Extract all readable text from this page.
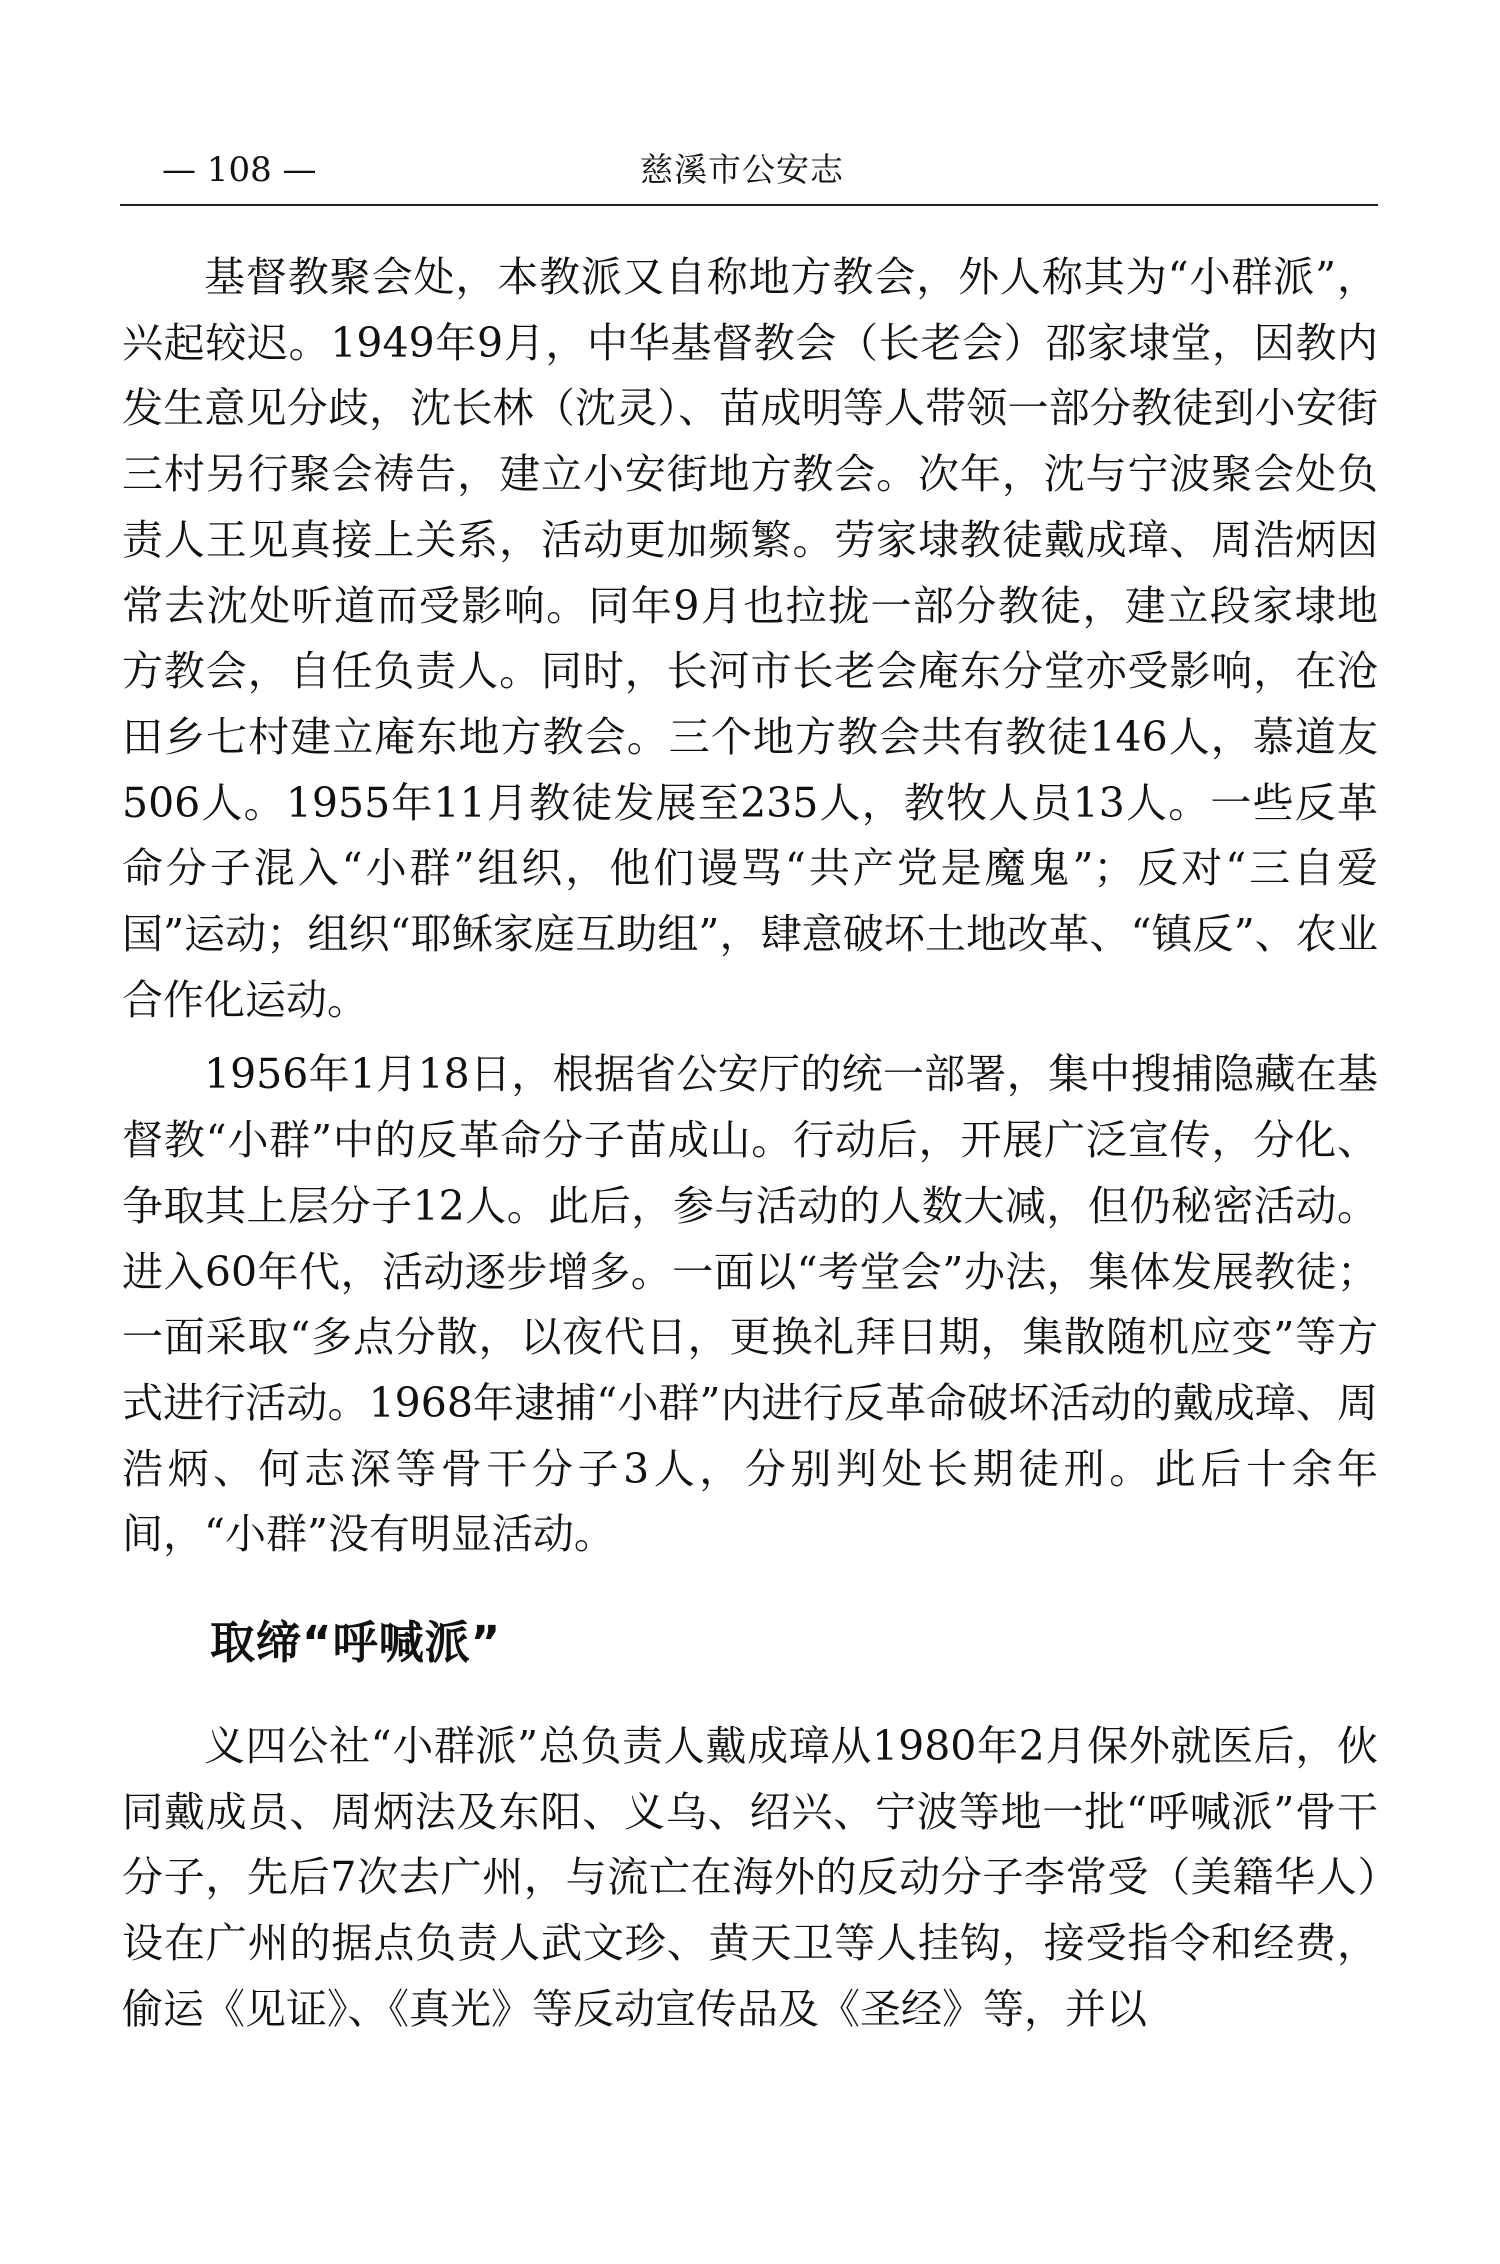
— 108 —	慈溪市公安志

基督教聚会处，本教派又自称地方教会，外人称其为“小群派”，兴起较迟。1949年9月，中华基督教会（长老会）邵家埭堂，因教内发生意见分歧，沈长林（沈灵）、苗成明等人带领一部分教徒到小安街三村另行聚会祷告，建立小安街地方教会。次年，沈与宁波聚会处负责人王见真接上关系，活动更加频繁。劳家埭教徒戴成璋、周浩炳因常去沈处听道而受影响。同年9月也拉拢一部分教徒，建立段家埭地方教会，自任负责人。同时，长河市长老会庵东分堂亦受影响，在沧田乡七村建立庵东地方教会。三个地方教会共有教徒146人，慕道友506人。1955年11月教徒发展至235人，教牧人员13人。一些反革命分子混入“小群”组织，他们谩骂“共产党是魔鬼”；反对“三自爱国”运动；组织“耶稣家庭互助组”，肆意破坏土地改革、“镇反”、农业合作化运动。

1956年1月18日，根据省公安厅的统一部署，集中搜捕隐藏在基督教“小群”中的反革命分子苗成山。行动后，开展广泛宣传，分化、争取其上层分子12人。此后，参与活动的人数大减，但仍秘密活动。进入60年代，活动逐步增多。一面以“考堂会”办法，集体发展教徒；一面采取“多点分散，以夜代日，更换礼拜日期，集散随机应变”等方式进行活动。1968年逮捕“小群”内进行反革命破坏活动的戴成璋、周浩炳、何志深等骨干分子3人，分别判处长期徒刑。此后十余年间，“小群”没有明显活动。

取缔“呼喊派”

义四公社“小群派”总负责人戴成璋从1980年2月保外就医后，伙同戴成员、周炳法及东阳、义乌、绍兴、宁波等地一批“呼喊派”骨干分子，先后7次去广州，与流亡在海外的反动分子李常受（美籍华人）设在广州的据点负责人武文珍、黄天卫等人挂钩，接受指令和经费，偷运《见证》、《真光》等反动宣传品及《圣经》等，并以
